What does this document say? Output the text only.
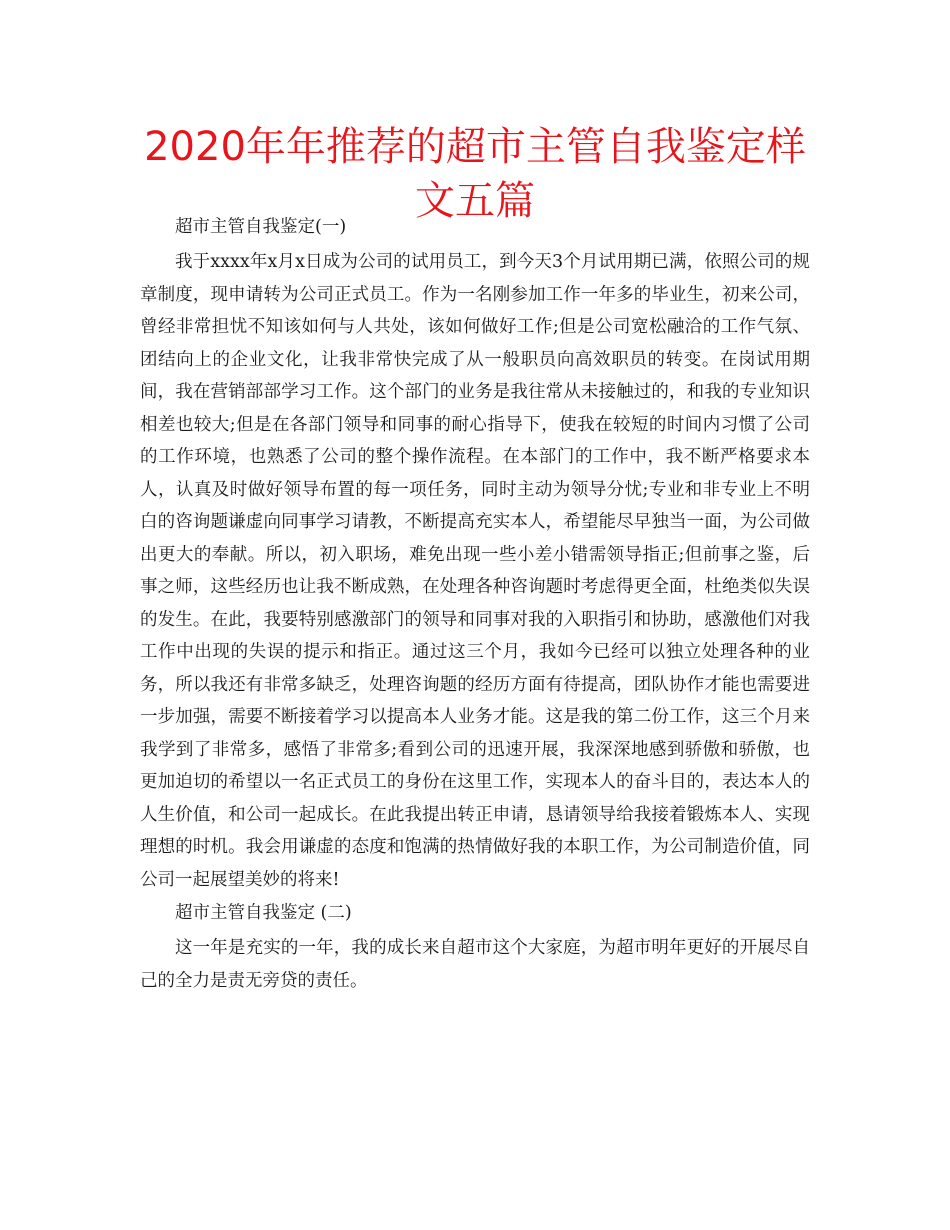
2020年年推荐的超市主管自我鉴定样文五篇

超市主管自我鉴定(一)

我于xxxx年x月x日成为公司的试用员工，到今天3个月试用期已满，依照公司的规章制度，现申请转为公司正式员工。作为一名刚参加工作一年多的毕业生，初来公司，曾经非常担忧不知该如何与人共处，该如何做好工作;但是公司宽松融洽的工作气氛、团结向上的企业文化，让我非常快完成了从一般职员向高效职员的转变。在岗试用期间，我在营销部部学习工作。这个部门的业务是我往常从未接触过的，和我的专业知识相差也较大;但是在各部门领导和同事的耐心指导下，使我在较短的时间内习惯了公司的工作环境，也熟悉了公司的整个操作流程。在本部门的工作中，我不断严格要求本人，认真及时做好领导布置的每一项任务，同时主动为领导分忧;专业和非专业上不明白的咨询题谦虚向同事学习请教，不断提高充实本人，希望能尽早独当一面，为公司做出更大的奉献。所以，初入职场，难免出现一些小差小错需领导指正;但前事之鉴，后事之师，这些经历也让我不断成熟，在处理各种咨询题时考虑得更全面，杜绝类似失误的发生。在此，我要特别感激部门的领导和同事对我的入职指引和协助，感激他们对我工作中出现的失误的提示和指正。通过这三个月，我如今已经可以独立处理各种的业务，所以我还有非常多缺乏，处理咨询题的经历方面有待提高，团队协作才能也需要进一步加强，需要不断接着学习以提高本人业务才能。这是我的第二份工作，这三个月来我学到了非常多，感悟了非常多;看到公司的迅速开展，我深深地感到骄傲和骄傲，也更加迫切的希望以一名正式员工的身份在这里工作，实现本人的奋斗目的，表达本人的人生价值，和公司一起成长。在此我提出转正申请，恳请领导给我接着锻炼本人、实现理想的时机。我会用谦虚的态度和饱满的热情做好我的本职工作，为公司制造价值，同公司一起展望美妙的将来!

超市主管自我鉴定 (二)

这一年是充实的一年，我的成长来自超市这个大家庭，为超市明年更好的开展尽自己的全力是责无旁贷的责任。
